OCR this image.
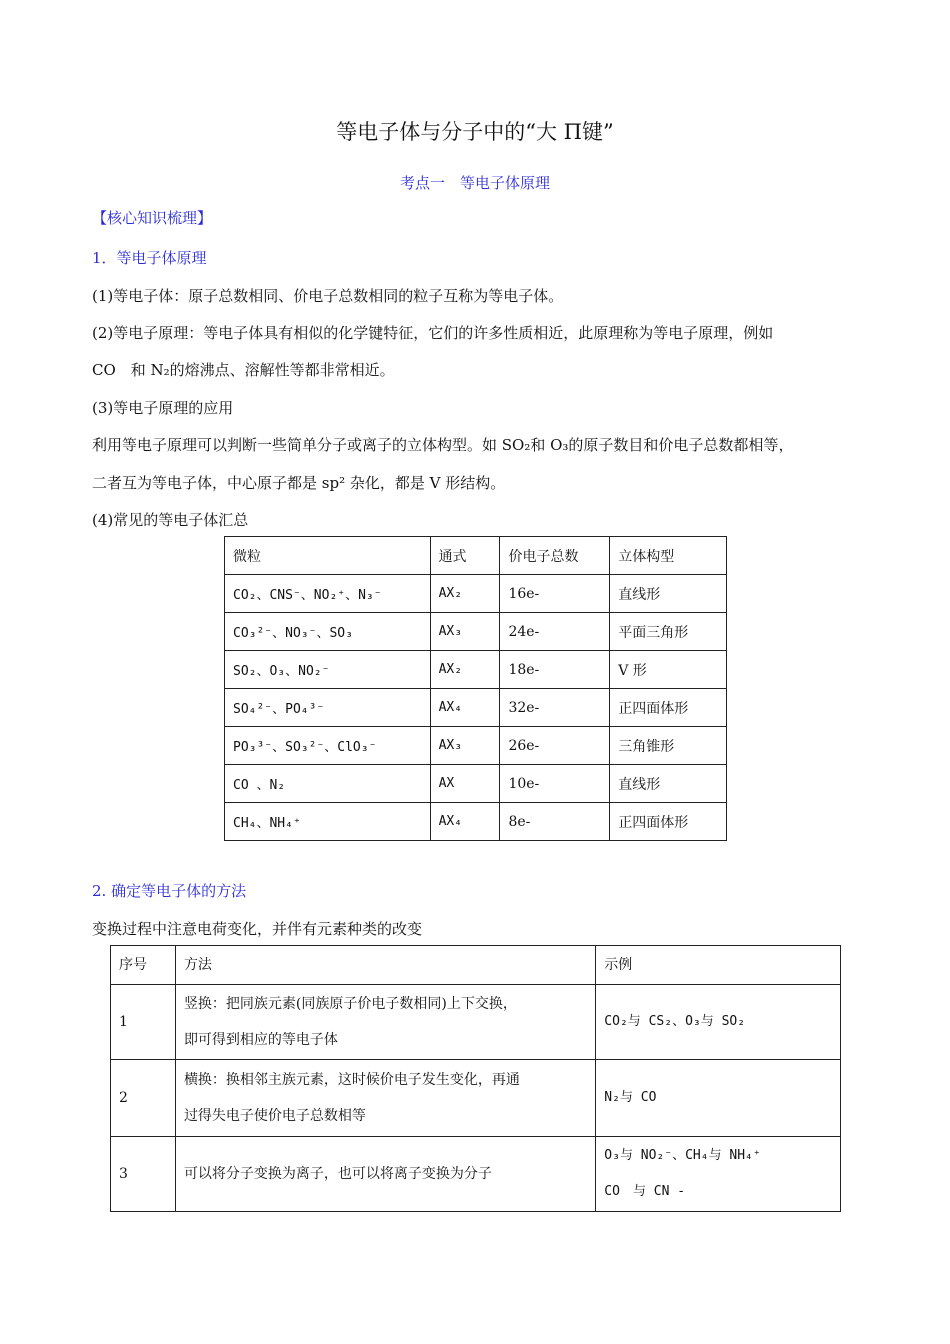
等电子体与分子中的“大 Π键”
考点一　等电子体原理
【核心知识梳理】
1．等电子体原理
(1)等电子体：原子总数相同、价电子总数相同的粒子互称为等电子体。
(2)等电子原理：等电子体具有相似的化学键特征，它们的许多性质相近，此原理称为等电子原理，例如
CO　和 N₂的熔沸点、溶解性等都非常相近。
(3)等电子原理的应用
利用等电子原理可以判断一些简单分子或离子的立体构型。如 SO₂和 O₃的原子数目和价电子总数都相等，
二者互为等电子体，中心原子都是 sp² 杂化，都是 V 形结构。
(4)常见的等电子体汇总
微粒	通式	价电子总数	立体构型
CO₂、CNS⁻、NO₂⁺、N₃⁻	AX₂	16e-	直线形
CO₃²⁻、NO₃⁻、SO₃	AX₃	24e-	平面三角形
SO₂、O₃、NO₂⁻	AX₂	18e-	V 形
SO₄²⁻、PO₄³⁻	AX₄	32e-	正四面体形
PO₃³⁻、SO₃²⁻、ClO₃⁻	AX₃	26e-	三角锥形
CO 、N₂	AX	10e-	直线形
CH₄、NH₄⁺	AX₄	8e-	正四面体形
2. 确定等电子体的方法
变换过程中注意电荷变化，并伴有元素种类的改变
序号	方法	示例
1	竖换：把同族元素(同族原子价电子数相同)上下交换，
即可得到相应的等电子体	CO₂与 CS₂、O₃与 SO₂

2	横换：换相邻主族元素，这时候价电子发生变化，再通
过得失电子使价电子总数相等	N₂与 CO

3	可以将分子变换为离子，也可以将离子变换为分子	O₃与 NO₂⁻、CH₄与 NH₄⁺
CO　与 CN -
